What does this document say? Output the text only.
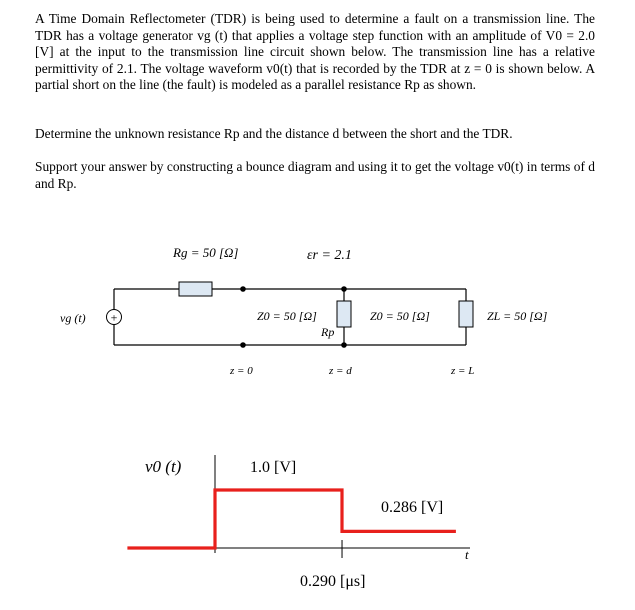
A Time Domain Reflectometer (TDR) is being used to determine a fault on a transmission line. The TDR has a voltage generator vg (t) that applies a voltage step function with an amplitude of V0 = 2.0 [V] at the input to the transmission line circuit shown below. The transmission line has a relative permittivity of 2.1. The voltage waveform v0(t) that is recorded by the TDR at z = 0 is shown below. A partial short on the line (the fault) is modeled as a parallel resistance Rp as shown.

Determine the unknown resistance Rp and the distance d between the short and the TDR.

Support your answer by constructing a bounce diagram and using it to get the voltage v0(t) in terms of d and Rp.

+
Rg = 50 [Ω]	εr = 2.1
vg (t)	Z0 = 50 [Ω]	Z0 = 50 [Ω]
Rp
ZL = 50 [Ω]
z = 0	z = d	z = L
v0 (t)	1.0 [V]
0.286 [V]
t
0.290 [μs]
